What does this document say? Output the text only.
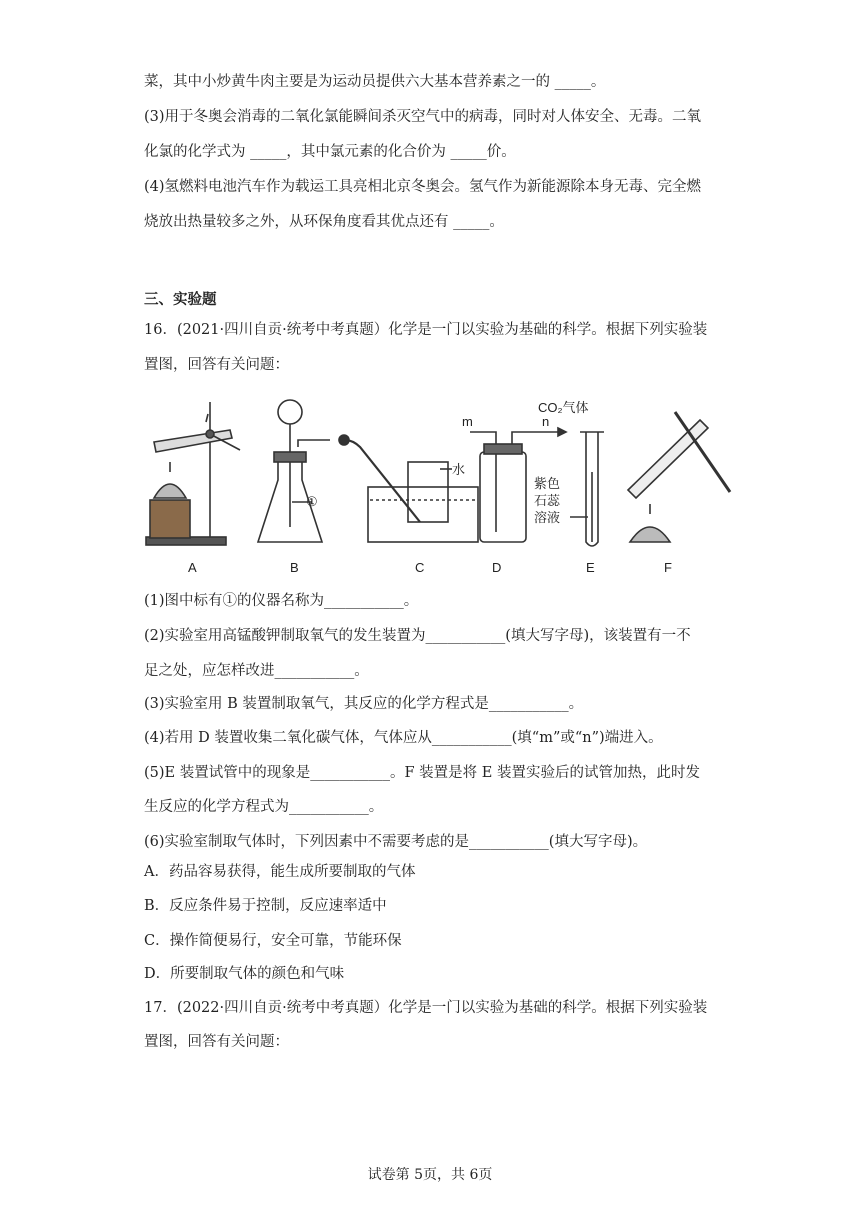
菜，其中小炒黄牛肉主要是为运动员提供六大基本营养素之一的 _____。
(3)用于冬奥会消毒的二氧化氯能瞬间杀灭空气中的病毒，同时对人体安全、无毒。二氧
化氯的化学式为 _____，其中氯元素的化合价为 _____价。
(4)氢燃料电池汽车作为载运工具亮相北京冬奥会。氢气作为新能源除本身无毒、完全燃
烧放出热量较多之外，从环保角度看其优点还有 _____。
三、实验题
16．(2021·四川自贡·统考中考真题）化学是一门以实验为基础的科学。根据下列实验装
置图，回答有关问题：
①
水
m	n
CO₂气体
紫色
石蕊
溶液
A	B	C	D	E	F
(1)图中标有①的仪器名称为___________。
(2)实验室用高锰酸钾制取氧气的发生装置为___________(填大写字母)，该装置有一不
足之处，应怎样改进___________。
(3)实验室用 B 装置制取氧气，其反应的化学方程式是___________。
(4)若用 D 装置收集二氧化碳气体，气体应从___________(填“m”或“n”)端进入。
(5)E 装置试管中的现象是___________。F 装置是将 E 装置实验后的试管加热，此时发
生反应的化学方程式为___________。
(6)实验室制取气体时，下列因素中不需要考虑的是___________(填大写字母)。
A．药品容易获得，能生成所要制取的气体
B．反应条件易于控制，反应速率适中
C．操作简便易行，安全可靠，节能环保
D．所要制取气体的颜色和气味
17．(2022·四川自贡·统考中考真题）化学是一门以实验为基础的科学。根据下列实验装
置图，回答有关问题：
试卷第 5页，共 6页
